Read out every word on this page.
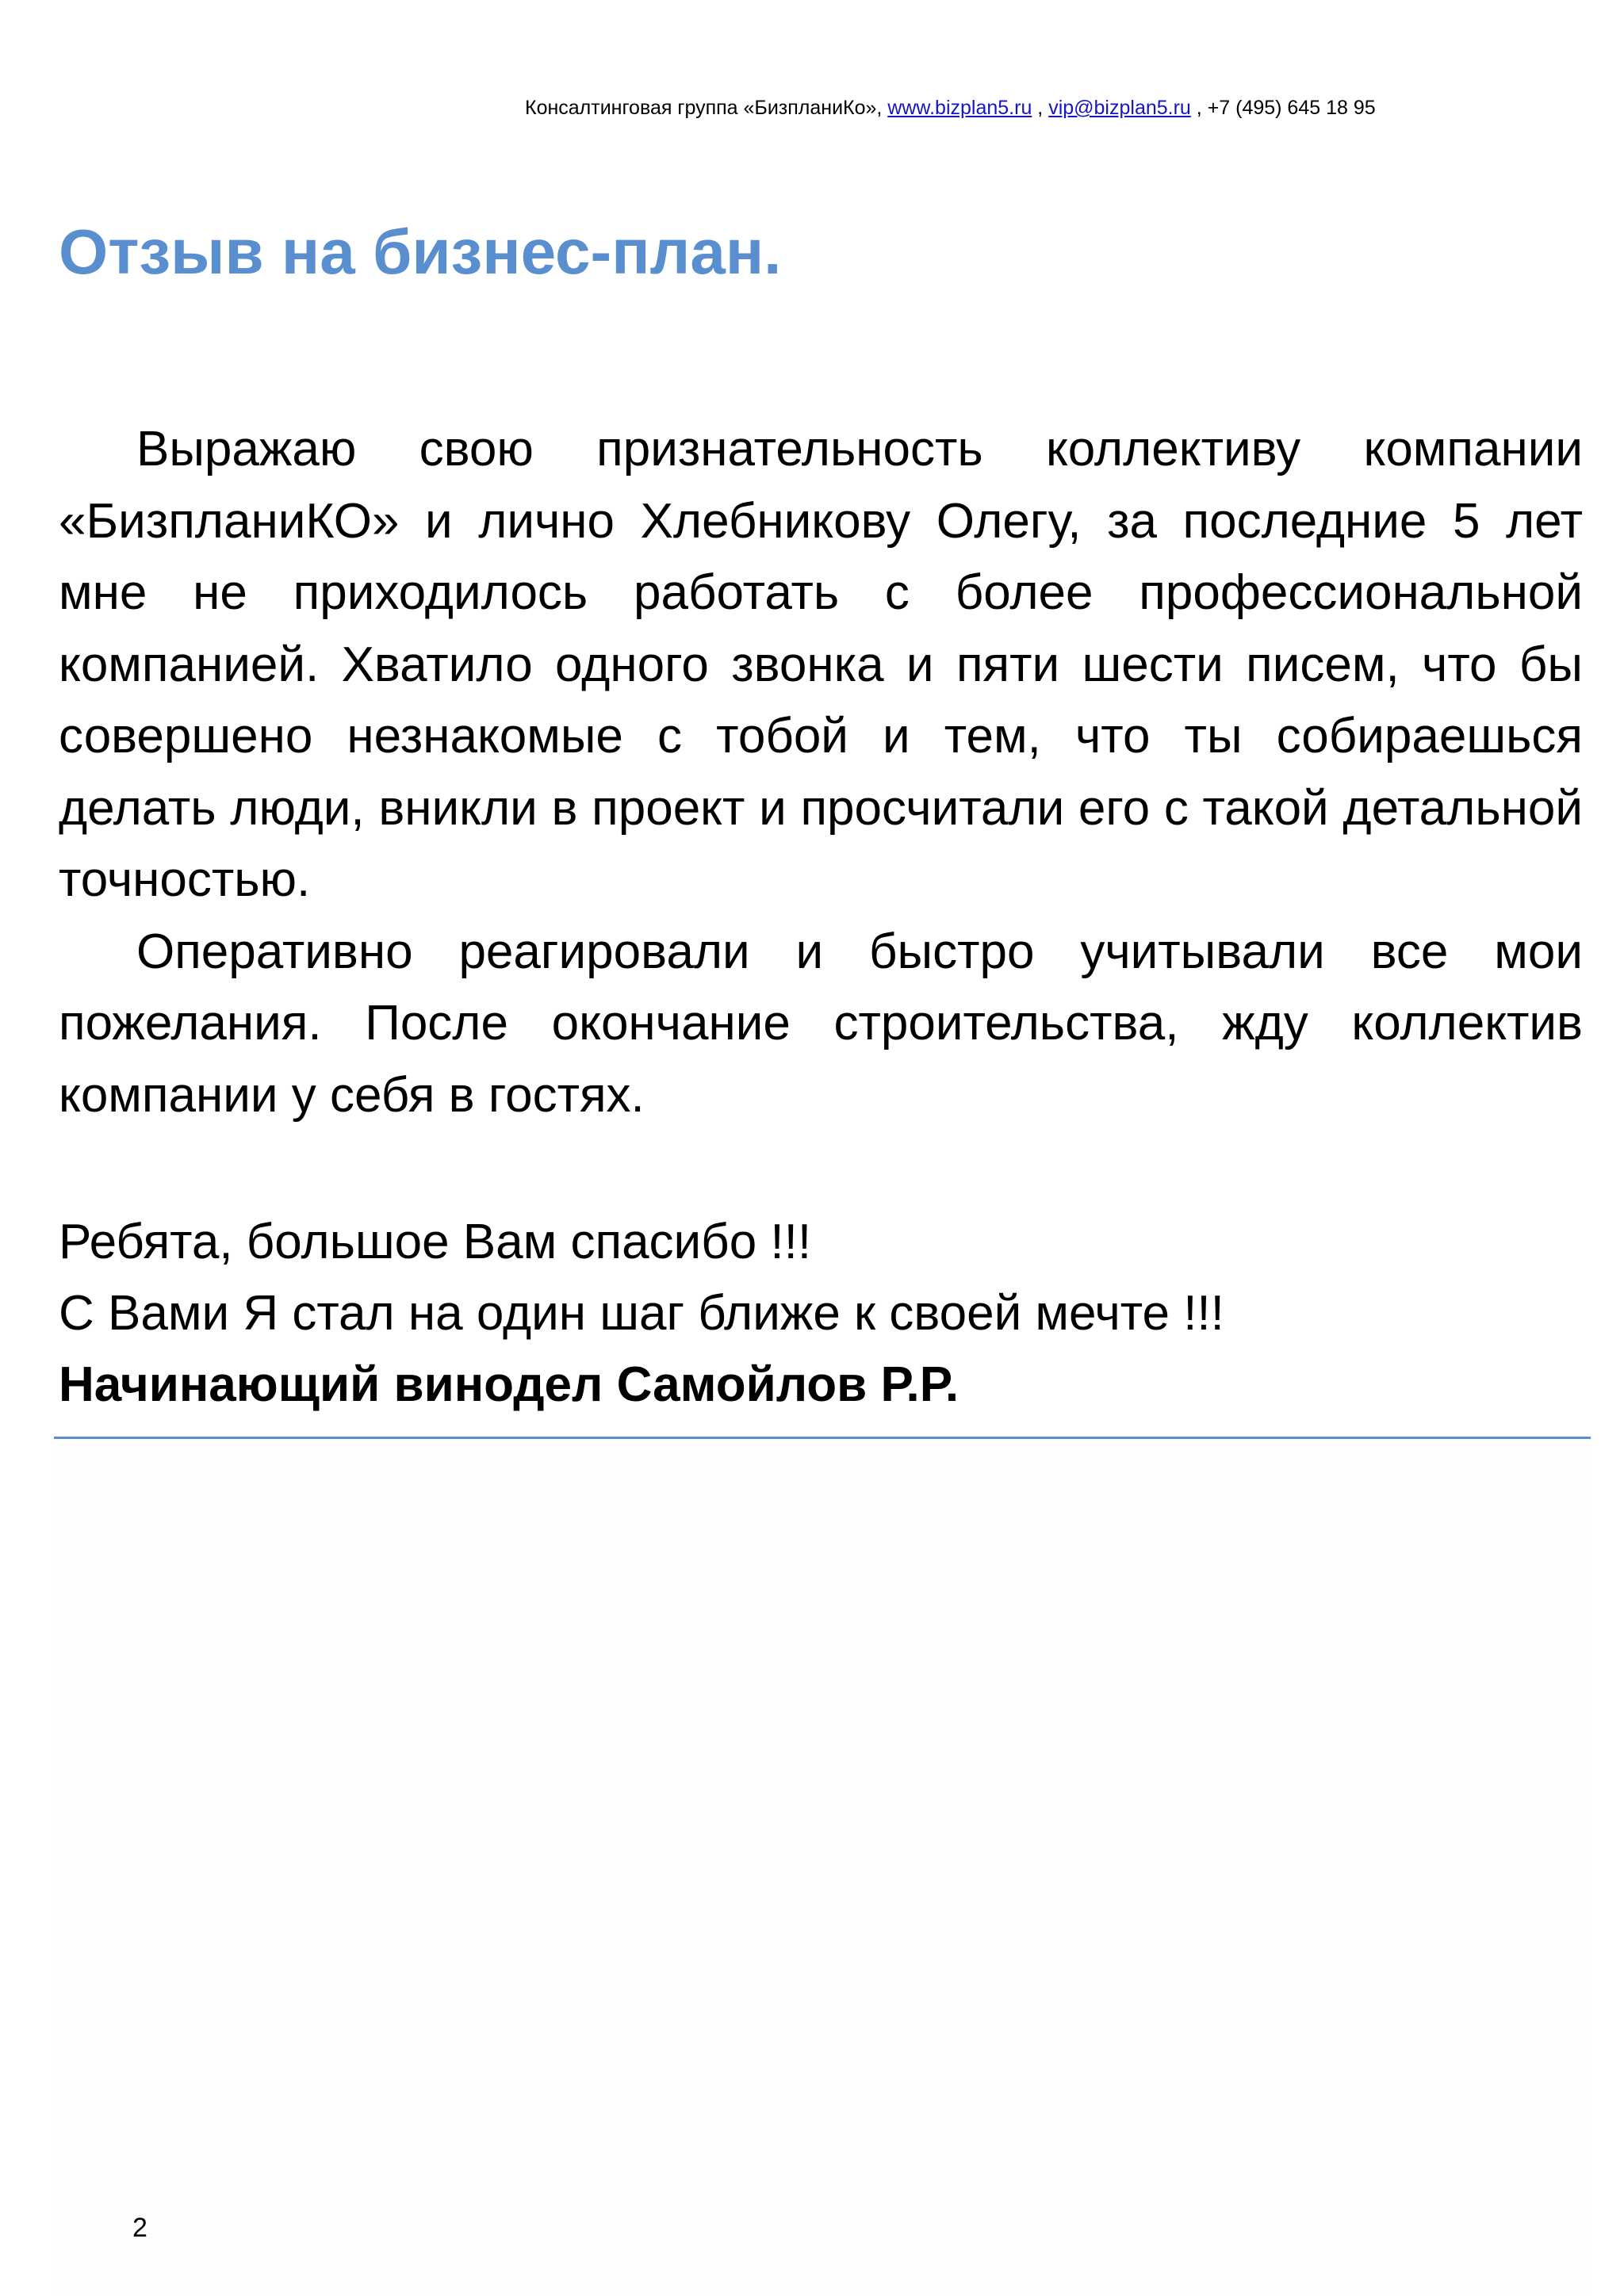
Консалтинговая группа «БизпланиКо», www.bizplan5.ru , vip@bizplan5.ru , +7 (495) 645 18 95
Отзыв на бизнес-план.

Выражаю свою признательность коллективу компании «БизпланиКО» и лично Хлебникову Олегу, за последние 5 лет мне не приходилось работать с более профессиональной компанией. Хватило одного звонка и пяти шести писем, что бы совершено незнакомые с тобой и тем, что ты собираешься делать люди, вникли в проект и просчитали его с такой детальной точностью.

Оперативно реагировали и быстро учитывали все мои пожелания. После окончание строительства, жду коллектив компании у себя в гостях.

Ребята, большое Вам спасибо !!!
С Вами Я стал на один шаг ближе к своей мечте !!!
Начинающий винодел Самойлов Р.Р.
2
